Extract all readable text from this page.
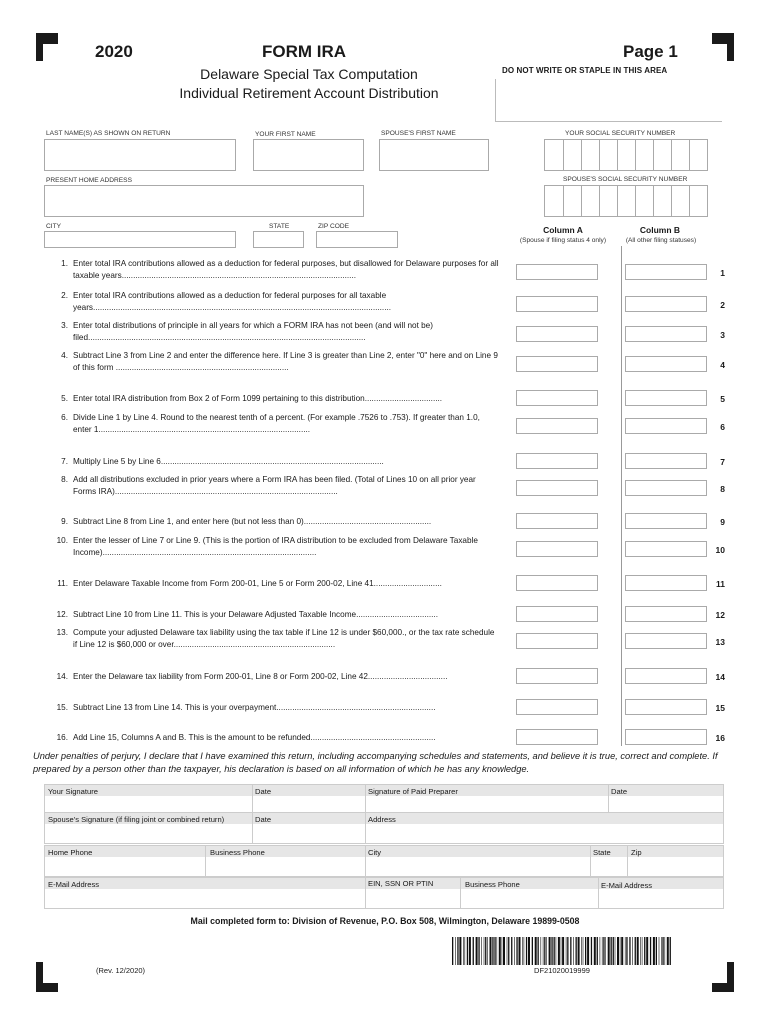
2020	FORM IRA	Page 1
Delaware Special Tax Computation
Individual Retirement Account Distribution
DO NOT WRITE OR STAPLE IN THIS AREA
LAST NAME(S) AS SHOWN ON RETURN	YOUR FIRST NAME	SPOUSE'S FIRST NAME	YOUR SOCIAL SECURITY NUMBER
PRESENT HOME ADDRESS	SPOUSE'S SOCIAL SECURITY NUMBER
CITY	STATE	ZIP CODE	Column A
(Spouse if filing status 4 only)
Column B
(All other filing statuses)
1. Enter total IRA contributions allowed as a deduction for federal purposes, but disallowed for Delaware purposes for all taxable years.......................................................................................................	1
2. Enter total IRA contributions allowed as a deduction for federal purposes for all taxable years...................................................................................................................................	2
3. Enter total distributions of principle in all years for which a FORM IRA has not been (and will not be) filed..........................................................................................................................	3
4. Subtract Line 3 from Line 2 and enter the difference here. If Line 3 is greater than Line 2, enter "0" here and on Line 9 of this form ............................................................................	4
5. Enter total IRA distribution from Box 2 of Form 1099 pertaining to this distribution..................................	5
6. Divide Line 1 by Line 4. Round to the nearest tenth of a percent. (For example .7526 to .753). If greater than 1.0, enter 1.............................................................................................	6
7. Multiply Line 5 by Line 6..................................................................................................	7
8. Add all distributions excluded in prior years where a Form IRA has been filed. (Total of Lines 10 on all prior year Forms IRA)..................................................................................................	8
9. Subtract Line 8 from Line 1, and enter here (but not less than 0)........................................................	9
10. Enter the lesser of Line 7 or Line 9. (This is the portion of IRA distribution to be excluded from Delaware Taxable Income)..............................................................................................	10
11. Enter Delaware Taxable Income from Form 200-01, Line 5 or Form 200-02, Line 41..............................	11
12. Subtract Line 10 from Line 11. This is your Delaware Adjusted Taxable Income....................................	12
13. Compute your adjusted Delaware tax liability using the tax table if Line 12 is under $60,000., or the tax rate schedule if Line 12 is $60,000 or over.......................................................................	13
14. Enter the Delaware tax liability from Form 200-01, Line 8 or Form 200-02, Line 42...................................	14
15. Subtract Line 13 from Line 14. This is your overpayment......................................................................	15
16. Add Line 15, Columns A and B. This is the amount to be refunded.......................................................	16
Under penalties of perjury, I declare that I have examined this return, including accompanying schedules and statements, and believe it is true, correct and complete. If prepared by a person other than the taxpayer, his declaration is based on all information of which he has any knowledge.
Your Signature	Date	Signature of Paid Preparer	Date
Spouse's Signature (if filing joint or combined return)	Date	Address
Home Phone	Business Phone	City	State	Zip
E-Mail Address	EIN, SSN OR PTIN	Business Phone	E-Mail Address
Mail completed form to: Division of Revenue, P.O. Box 508, Wilmington, Delaware 19899-0508
(Rev. 12/2020)	DF21020019999
